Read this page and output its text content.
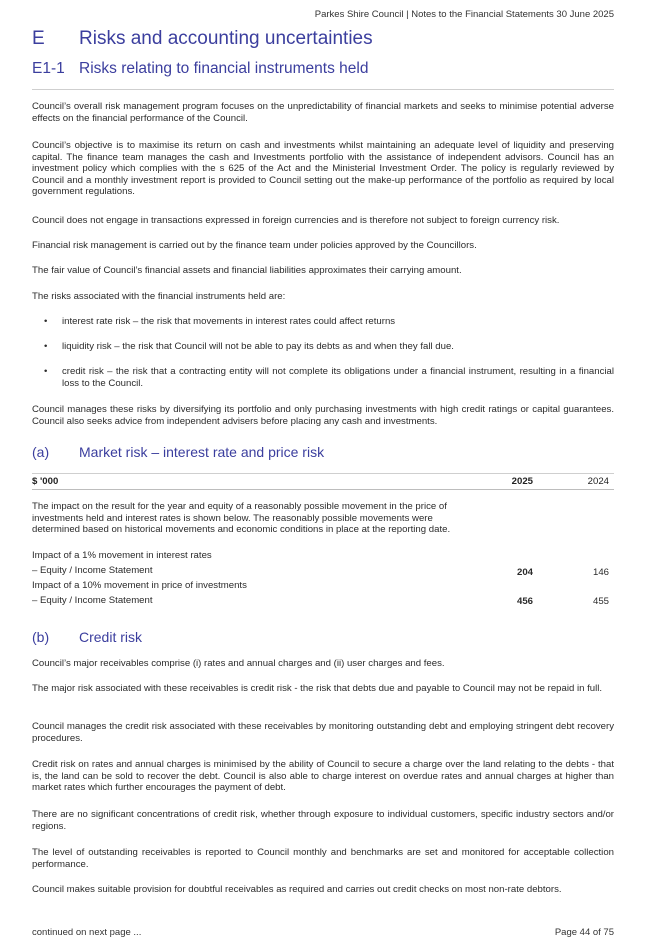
Parkes Shire Council | Notes to the Financial Statements 30 June 2025
E Risks and accounting uncertainties
E1-1 Risks relating to financial instruments held
Council’s overall risk management program focuses on the unpredictability of financial markets and seeks to minimise potential adverse effects on the financial performance of the Council.
Council’s objective is to maximise its return on cash and investments whilst maintaining an adequate level of liquidity and preserving capital. The finance team manages the cash and Investments portfolio with the assistance of independent advisors. Council has an investment policy which complies with the s 625 of the Act and the Ministerial Investment Order. The policy is regularly reviewed by Council and a monthly investment report is provided to Council setting out the make-up performance of the portfolio as required by local government regulations.
Council does not engage in transactions expressed in foreign currencies and is therefore not subject to foreign currency risk.
Financial risk management is carried out by the finance team under policies approved by the Councillors.
The fair value of Council’s financial assets and financial liabilities approximates their carrying amount.
The risks associated with the financial instruments held are:
• interest rate risk – the risk that movements in interest rates could affect returns
• liquidity risk – the risk that Council will not be able to pay its debts as and when they fall due.
• credit risk – the risk that a contracting entity will not complete its obligations under a financial instrument, resulting in a financial loss to the Council.
Council manages these risks by diversifying its portfolio and only purchasing investments with high credit ratings or capital guarantees. Council also seeks advice from independent advisers before placing any cash and investments.
(a) Market risk – interest rate and price risk
$ '000	2025	2024
The impact on the result for the year and equity of a reasonably possible movement in the price of investments held and interest rates is shown below. The reasonably possible movements were determined based on historical movements and economic conditions in place at the reporting date.
Impact of a 1% movement in interest rates
– Equity / Income Statement	204	146
Impact of a 10% movement in price of investments
– Equity / Income Statement	456	455
(b) Credit risk
Council’s major receivables comprise (i) rates and annual charges and (ii) user charges and fees.
The major risk associated with these receivables is credit risk - the risk that debts due and payable to Council may not be repaid in full.
Council manages the credit risk associated with these receivables by monitoring outstanding debt and employing stringent debt recovery procedures.
Credit risk on rates and annual charges is minimised by the ability of Council to secure a charge over the land relating to the debts - that is, the land can be sold to recover the debt. Council is also able to charge interest on overdue rates and annual charges at higher than market rates which further encourages the payment of debt.
There are no significant concentrations of credit risk, whether through exposure to individual customers, specific industry sectors and/or regions.
The level of outstanding receivables is reported to Council monthly and benchmarks are set and monitored for acceptable collection performance.
Council makes suitable provision for doubtful receivables as required and carries out credit checks on most non-rate debtors.
continued on next page ...	Page 44 of 75
